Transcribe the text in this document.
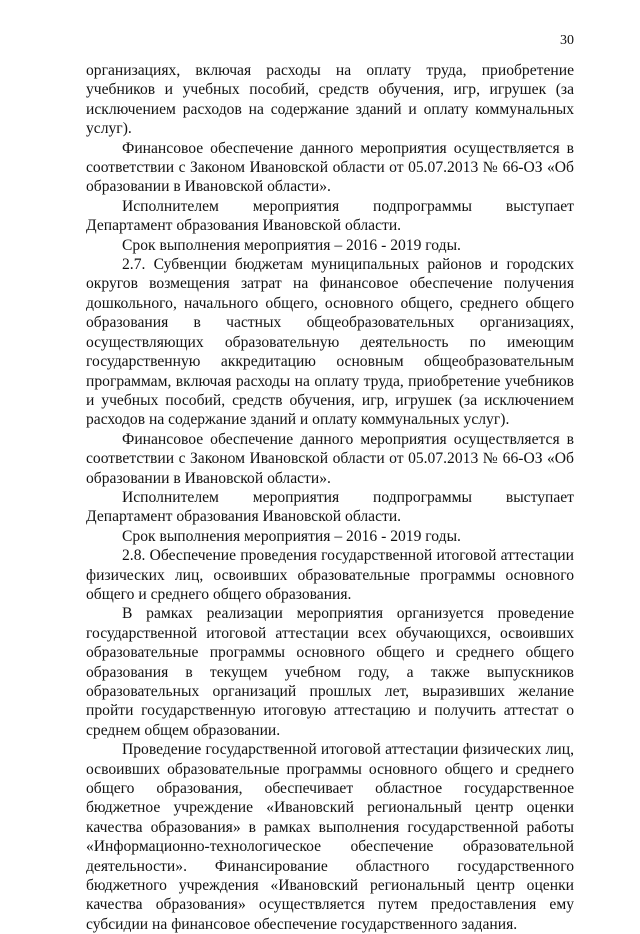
30

организациях, включая расходы на оплату труда, приобретение учебников и учебных пособий, средств обучения, игр, игрушек (за исключением расходов на содержание зданий и оплату коммунальных услуг).

Финансовое обеспечение данного мероприятия осуществляется в соответствии с Законом Ивановской области от 05.07.2013 № 66-ОЗ «Об образовании в Ивановской области».

Исполнителем мероприятия подпрограммы выступает Департамент образования Ивановской области.

Срок выполнения мероприятия – 2016 - 2019 годы.

2.7. Субвенции бюджетам муниципальных районов и городских округов возмещения затрат на финансовое обеспечение получения дошкольного, начального общего, основного общего, среднего общего образования в частных общеобразовательных организациях, осуществляющих образовательную деятельность по имеющим государственную аккредитацию основным общеобразовательным программам, включая расходы на оплату труда, приобретение учебников и учебных пособий, средств обучения, игр, игрушек (за исключением расходов на содержание зданий и оплату коммунальных услуг).

Финансовое обеспечение данного мероприятия осуществляется в соответствии с Законом Ивановской области от 05.07.2013 № 66-ОЗ «Об образовании в Ивановской области».

Исполнителем мероприятия подпрограммы выступает Департамент образования Ивановской области.

Срок выполнения мероприятия – 2016 - 2019 годы.

2.8. Обеспечение проведения государственной итоговой аттестации физических лиц, освоивших образовательные программы основного общего и среднего общего образования.

В рамках реализации мероприятия организуется проведение государственной итоговой аттестации всех обучающихся, освоивших образовательные программы основного общего и среднего общего образования в текущем учебном году, а также выпускников образовательных организаций прошлых лет, выразивших желание пройти государственную итоговую аттестацию и получить аттестат о среднем общем образовании.

Проведение государственной итоговой аттестации физических лиц, освоивших образовательные программы основного общего и среднего общего образования, обеспечивает областное государственное бюджетное учреждение «Ивановский региональный центр оценки качества образования» в рамках выполнения государственной работы «Информационно-технологическое обеспечение образовательной деятельности». Финансирование областного государственного бюджетного учреждения «Ивановский региональный центр оценки качества образования» осуществляется путем предоставления ему субсидии на финансовое обеспечение государственного задания.
